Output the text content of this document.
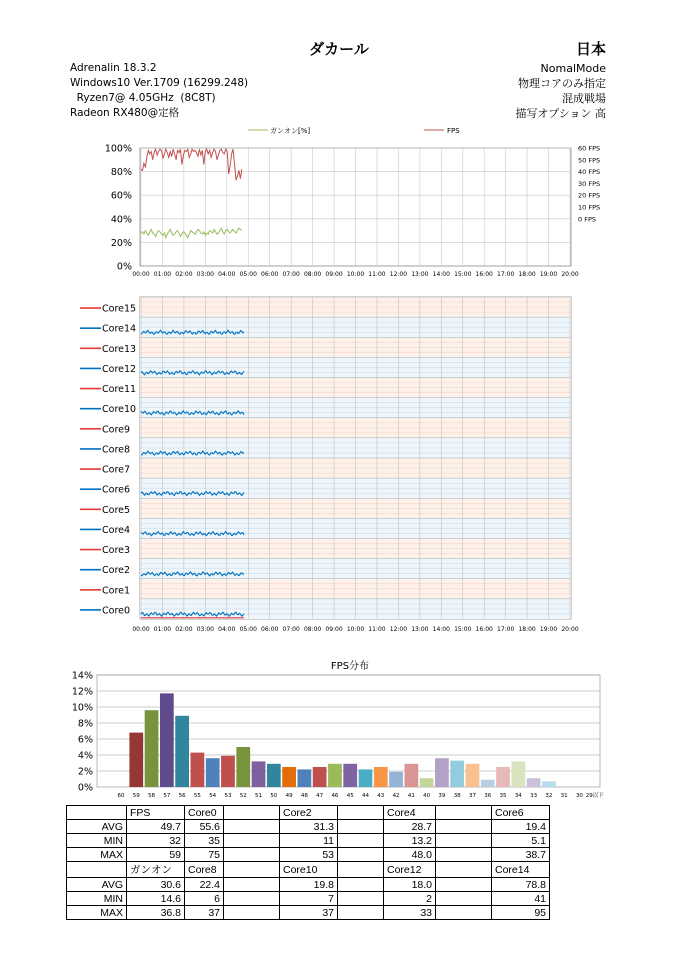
ダカール	日本
Adrenalin 18.3.2
Windows10 Ver.1709 (16299.248)
Ryzen7@ 4.05GHz  (8C8T)
Radeon RX480@定格
NomalMode
物理コアのみ指定
混成戦場
描写オプション 高
0%
20%
40%
60%
80%
100%
0 FPS
10 FPS
20 FPS
30 FPS
40 FPS
50 FPS
60 FPS
00:00 01:00 02:00 03:00 04:00 05:00 06:00 07:00 08:00 09:00 10:00 11:00 12:00 13:00 14:00 15:00 16:00 17:00 18:00 19:00 20:00
ガンオン[%]	FPS
Core15
Core14
Core13
Core12
Core11
Core10
Core9
Core8
Core7
Core6
Core5
Core4
Core3
Core2
Core1
Core0
00:00 01:00 02:00 03:00 04:00 05:00 06:00 07:00 08:00 09:00 10:00 11:00 12:00 13:00 14:00 15:00 16:00 17:00 18:00 19:00 20:00
FPS分布
0%
2%
4%
6%
8%
10%
12%
14%
60 59 58 57 56 55 54 53 52 51 50 49 48 47 46 45 44 43 42 41 40 39 38 37 36 35 34 33 32 31 30 29以下
	FPS	Core0		Core2		Core4		Core6
AVG	49.7	55.6		31.3		28.7		19.4
MIN	32	35		11		13.2		5.1
MAX	59	75		53		48.0		38.7
	ガンオン	Core8		Core10		Core12		Core14
AVG	30.6	22.4		19.8		18.0		78.8
MIN	14.6	6		7		2		41
MAX	36.8	37		37		33		95
